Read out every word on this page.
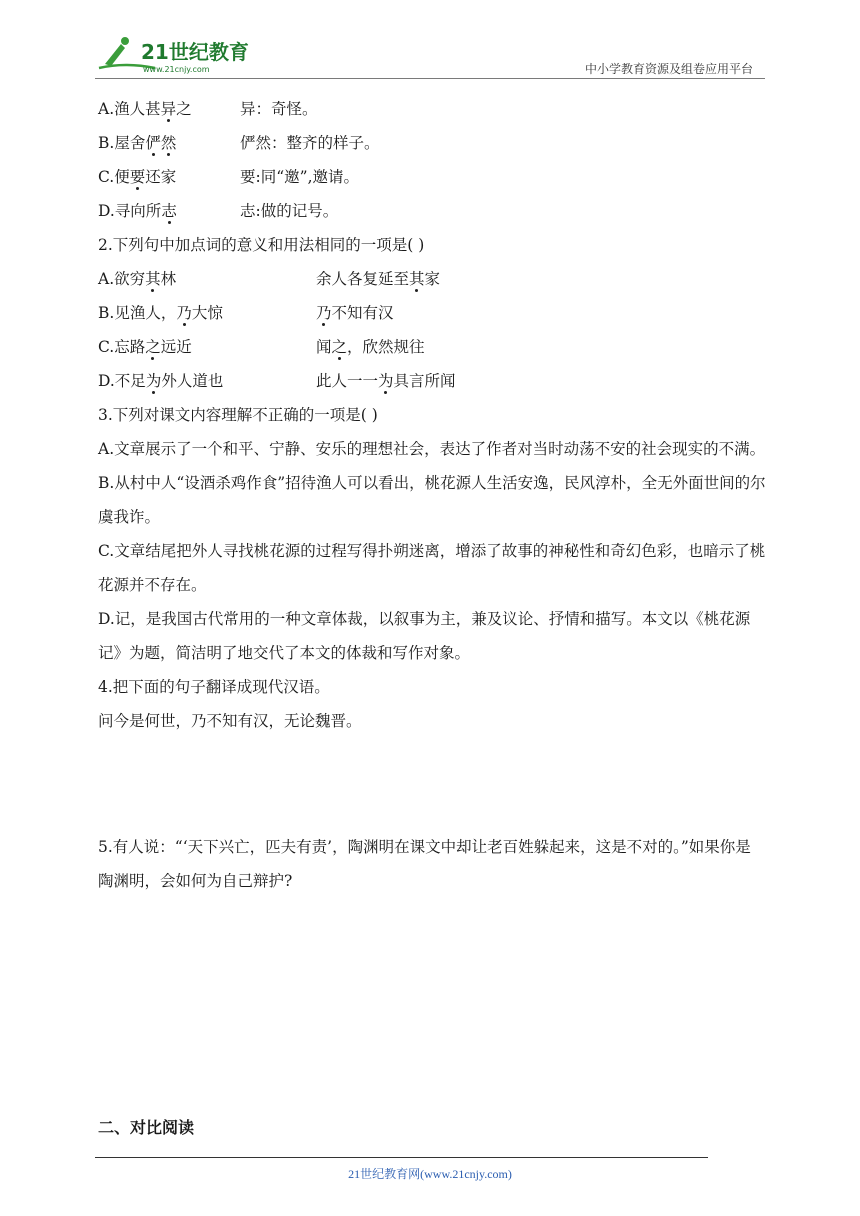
21世纪教育
www.21cnjy.com	中小学教育资源及组卷应用平台
A.渔人甚异之	异：奇怪。
B.屋舍俨然	俨然：整齐的样子。
C.便要还家	要:同“邀”,邀请。
D.寻向所志	志:做的记号。
2.下列句中加点词的意义和用法相同的一项是( )
A.欲穷其林	余人各复延至其家
B.见渔人，乃大惊	乃不知有汉
C.忘路之远近	闻之，欣然规往
D.不足为外人道也	此人一一为具言所闻
3.下列对课文内容理解不正确的一项是( )
A.文章展示了一个和平、宁静、安乐的理想社会，表达了作者对当时动荡不安的社会现实的不满。
B.从村中人“设酒杀鸡作食”招待渔人可以看出，桃花源人生活安逸，民风淳朴，全无外面世间的尔虞我诈。
C.文章结尾把外人寻找桃花源的过程写得扑朔迷离，增添了故事的神秘性和奇幻色彩，也暗示了桃花源并不存在。
D.记，是我国古代常用的一种文章体裁，以叙事为主，兼及议论、抒情和描写。本文以《桃花源记》为题，简洁明了地交代了本文的体裁和写作对象。
4.把下面的句子翻译成现代汉语。
问今是何世，乃不知有汉，无论魏晋。
5.有人说：“‘天下兴亡，匹夫有责’，陶渊明在课文中却让老百姓躲起来，这是不对的。”如果你是陶渊明，会如何为自己辩护?
二、对比阅读
21世纪教育网(www.21cnjy.com)
